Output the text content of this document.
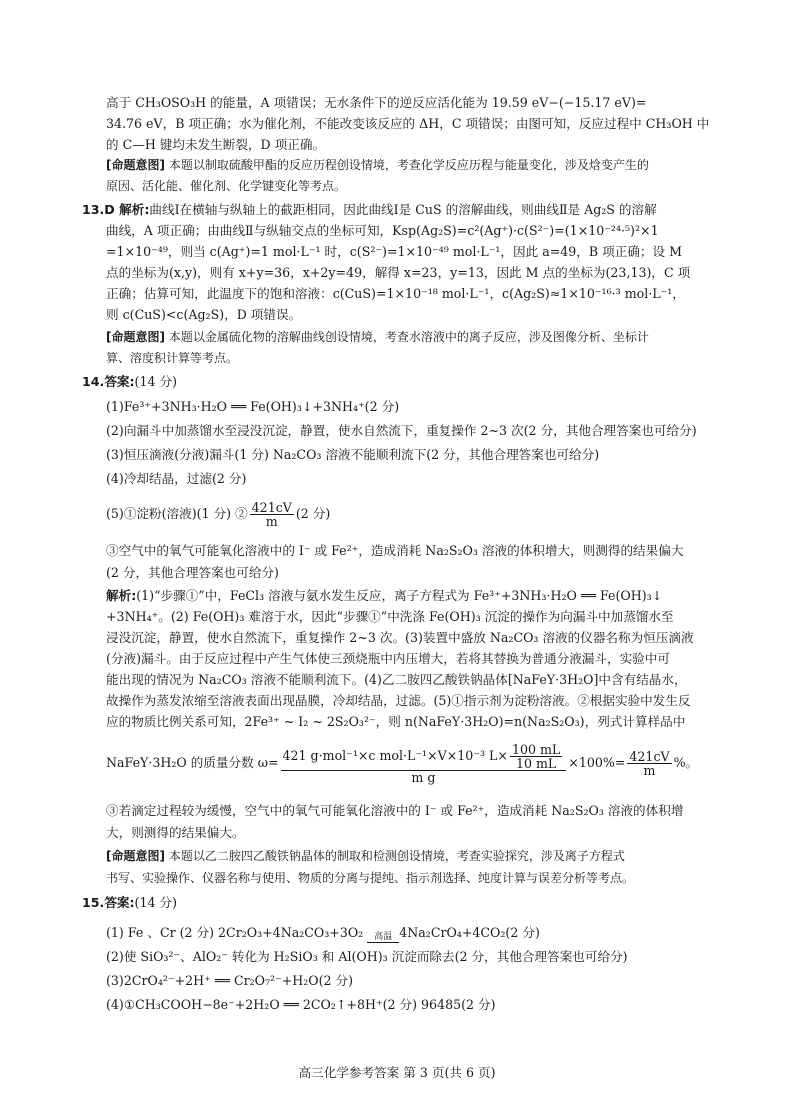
高于 CH₃OSO₃H 的能量，A 项错误；无水条件下的逆反应活化能为 19.59 eV−(−15.17 eV)=
34.76 eV，B 项正确；水为催化剂，不能改变该反应的 ΔH，C 项错误；由图可知，反应过程中 CH₃OH 中
的 C—H 键均未发生断裂，D 项正确。
[命题意图] 本题以制取硫酸甲酯的反应历程创设情境，考查化学反应历程与能量变化，涉及焓变产生的
原因、活化能、催化剂、化学键变化等考点。
13.D 解析:曲线Ⅰ在横轴与纵轴上的截距相同，因此曲线Ⅰ是 CuS 的溶解曲线，则曲线Ⅱ是 Ag₂S 的溶解
曲线，A 项正确；由曲线Ⅱ与纵轴交点的坐标可知，Ksp(Ag₂S)=c²(Ag⁺)·c(S²⁻)=(1×10⁻²⁴·⁵)²×1
=1×10⁻⁴⁹，则当 c(Ag⁺)=1 mol·L⁻¹ 时，c(S²⁻)=1×10⁻⁴⁹ mol·L⁻¹，因此 a=49，B 项正确；设 M
点的坐标为(x,y)，则有 x+y=36，x+2y=49，解得 x=23，y=13，因此 M 点的坐标为(23,13)，C 项
正确；估算可知，此温度下的饱和溶液：c(CuS)=1×10⁻¹⁸ mol·L⁻¹，c(Ag₂S)≈1×10⁻¹⁶·³ mol·L⁻¹，
则 c(CuS)<c(Ag₂S)，D 项错误。
[命题意图] 本题以金属硫化物的溶解曲线创设情境，考查水溶液中的离子反应，涉及图像分析、坐标计
算、溶度积计算等考点。
14.答案:(14 分)
(1)Fe³⁺+3NH₃·H₂O ══ Fe(OH)₃↓+3NH₄⁺(2 分)
(2)向漏斗中加蒸馏水至浸没沉淀，静置，使水自然流下，重复操作 2~3 次(2 分，其他合理答案也可给分)
(3)恒压滴液(分液)漏斗(1 分) Na₂CO₃ 溶液不能顺利流下(2 分，其他合理答案也可给分)
(4)冷却结晶，过滤(2 分)
(5)①淀粉(溶液)(1 分) ② $\frac{421cV}{m} (2$ 分)
③空气中的氧气可能氧化溶液中的 I⁻ 或 Fe²⁺，造成消耗 Na₂S₂O₃ 溶液的体积增大，则测得的结果偏大
(2 分，其他合理答案也可给分)
解析:(1)“步骤①”中，FeCl₃ 溶液与氨水发生反应，离子方程式为 Fe³⁺+3NH₃·H₂O ══ Fe(OH)₃↓
+3NH₄⁺。(2) Fe(OH)₃ 难溶于水，因此“步骤①”中洗涤 Fe(OH)₃ 沉淀的操作为向漏斗中加蒸馏水至
浸没沉淀，静置，使水自然流下，重复操作 2~3 次。(3)装置中盛放 Na₂CO₃ 溶液的仪器名称为恒压滴液
(分液)漏斗。由于反应过程中产生气体使三颈烧瓶中内压增大，若将其替换为普通分液漏斗，实验中可
能出现的情况为 Na₂CO₃ 溶液不能顺利流下。(4)乙二胺四乙酸铁钠晶体[NaFeY·3H₂O]中含有结晶水，
故操作为蒸发浓缩至溶液表面出现晶膜，冷却结晶，过滤。(5)①指示剂为淀粉溶液。②根据实验中发生反
应的物质比例关系可知，2Fe³⁺ ~ I₂ ~ 2S₂O₃²⁻，则 n(NaFeY·3H₂O)=n(Na₂S₂O₃)，列式计算样品中
NaFeY·3H₂O 的质量分数 $\omega= \frac{421 g\cdot mol^{-1}\times c mol\cdot L^{-1}\times V\times 10^{-3} L\times \frac{100 mL}{10 mL}}{\text{m g}} \times 100\%= \frac{421cV}{m}$ %。
③若滴定过程较为缓慢，空气中的氧气可能氧化溶液中的 I⁻ 或 Fe²⁺，造成消耗 Na₂S₂O₃ 溶液的体积增
大，则测得的结果偏大。
[命题意图] 本题以乙二胺四乙酸铁钠晶体的制取和检测创设情境，考查实验探究，涉及离子方程式
书写、实验操作、仪器名称与使用、物质的分离与提纯、指示剂选择、纯度计算与误差分析等考点。
15.答案:(14 分)
(1) Fe 、Cr (2 分) 2Cr₂O₃+4Na₂CO₃+3O₂ 高温 4Na₂CrO₄+4CO₂(2 分)
(2)使 SiO₃²⁻、AlO₂⁻ 转化为 H₂SiO₃ 和 Al(OH)₃ 沉淀而除去(2 分，其他合理答案也可给分)
(3)2CrO₄²⁻+2H⁺ ══ Cr₂O₇²⁻+H₂O(2 分)
(4)①CH₃COOH−8e⁻+2H₂O ══ 2CO₂↑+8H⁺(2 分) 96485(2 分)
高三化学参考答案 第 3 页(共 6 页)
